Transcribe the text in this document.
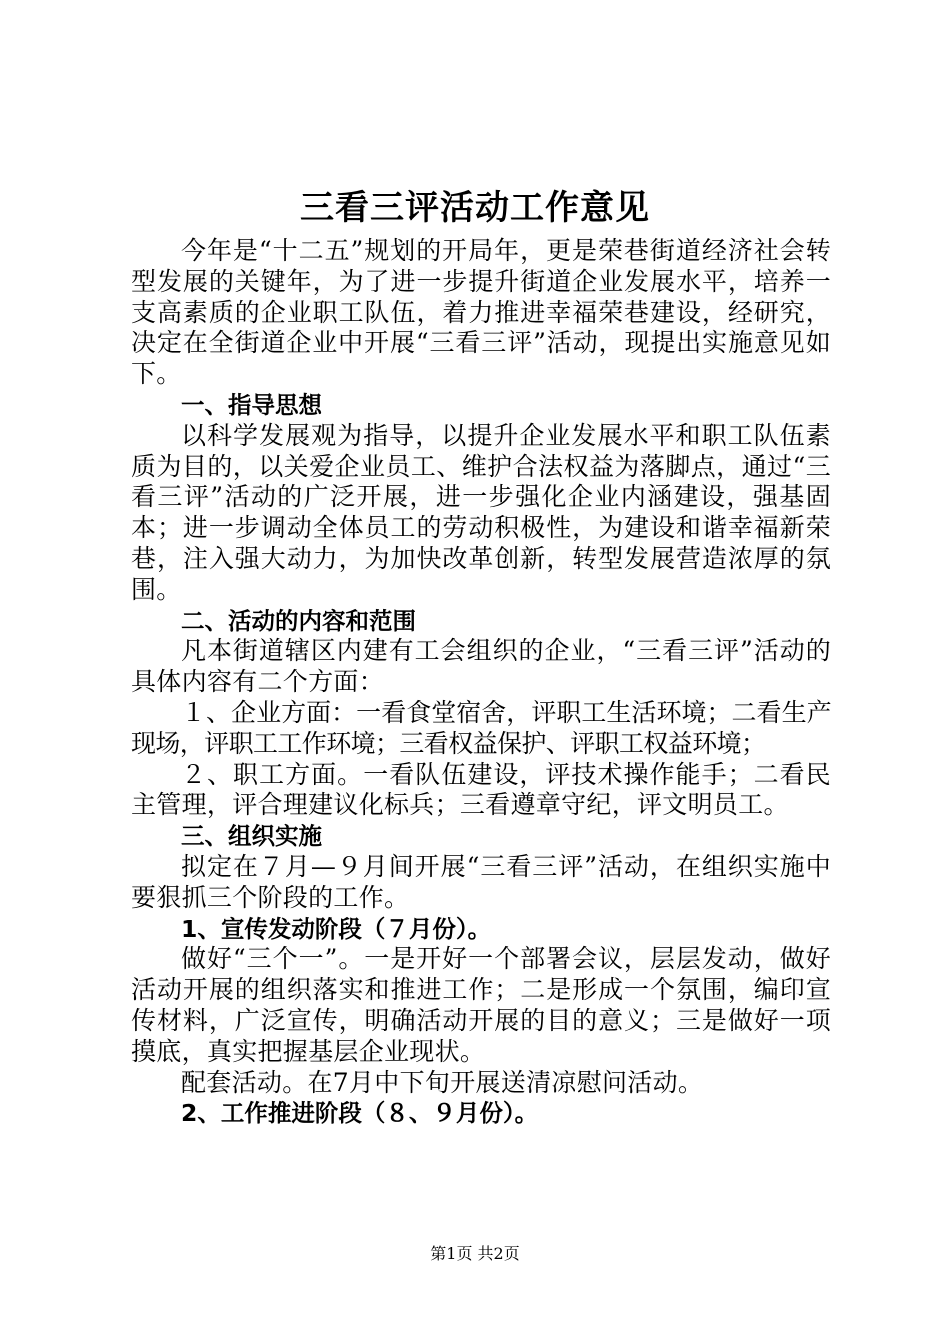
三看三评活动工作意见

今年是“十二五”规划的开局年，更是荣巷街道经济社会转型发展的关键年，为了进一步提升街道企业发展水平，培养一支高素质的企业职工队伍，着力推进幸福荣巷建设，经研究，决定在全街道企业中开展“三看三评”活动，现提出实施意见如下。

一、指导思想

以科学发展观为指导，以提升企业发展水平和职工队伍素质为目的，以关爱企业员工、维护合法权益为落脚点，通过“三看三评”活动的广泛开展，进一步强化企业内涵建设，强基固本；进一步调动全体员工的劳动积极性，为建设和谐幸福新荣巷，注入强大动力，为加快改革创新，转型发展营造浓厚的氛围。

二、活动的内容和范围

凡本街道辖区内建有工会组织的企业，“三看三评”活动的具体内容有二个方面：

１、企业方面：一看食堂宿舍，评职工生活环境；二看生产现场，评职工工作环境；三看权益保护、评职工权益环境；

２、职工方面。一看队伍建设，评技术操作能手；二看民主管理，评合理建议化标兵；三看遵章守纪，评文明员工。

三、组织实施

拟定在７月—９月间开展“三看三评”活动，在组织实施中要狠抓三个阶段的工作。

1、宣传发动阶段（７月份）。

做好“三个一”。一是开好一个部署会议，层层发动，做好活动开展的组织落实和推进工作；二是形成一个氛围，编印宣传材料，广泛宣传，明确活动开展的目的意义；三是做好一项摸底，真实把握基层企业现状。

配套活动。在7月中下旬开展送清凉慰问活动。

2、工作推进阶段（８、９月份）。

第1页 共2页
